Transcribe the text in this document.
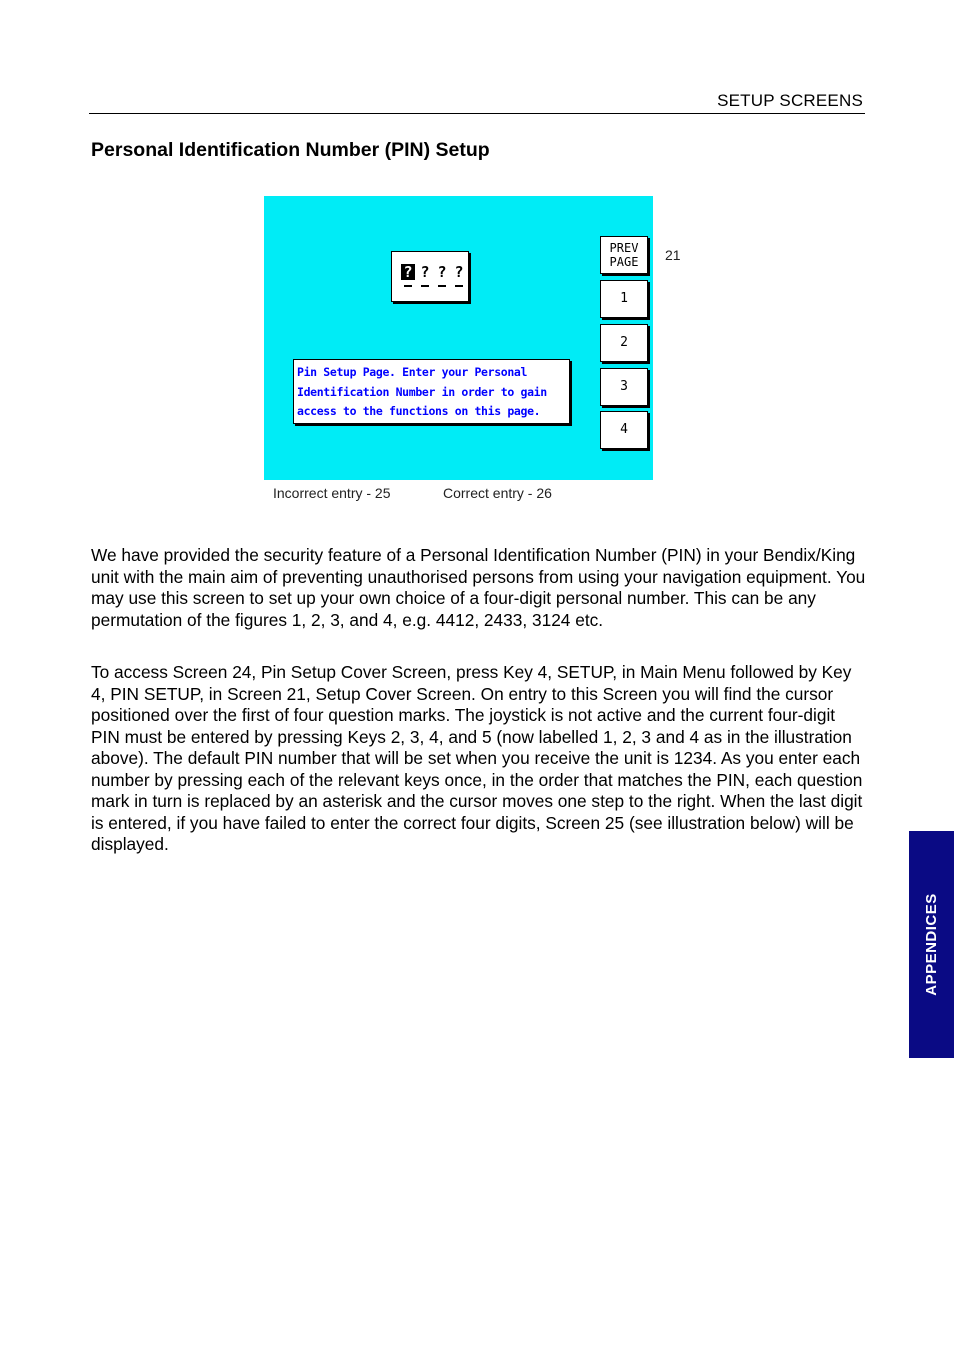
SETUP SCREENS
Personal Identification Number (PIN) Setup
? ? ? ?
Pin Setup Page. Enter your Personal
Identification Number in order to gain
access to the functions on this page.
PREV
PAGE
1
2
3
4
21
Incorrect entry - 25	Correct entry - 26

We have provided the security feature of a Personal Identification Number (PIN) in your Bendix/King unit with the main aim of preventing unauthorised persons from using your navigation equipment. You may use this screen to set up your own choice of a four-digit personal number. This can be any permutation of the figures 1, 2, 3, and 4, e.g. 4412, 2433, 3124 etc.

To access Screen 24, Pin Setup Cover Screen, press Key 4, SETUP, in Main Menu followed by Key 4, PIN SETUP, in Screen 21, Setup Cover Screen. On entry to this Screen you will find the cursor positioned over the first of four question marks. The joystick is not active and the current four-digit PIN must be entered by pressing Keys 2, 3, 4, and 5 (now labelled 1, 2, 3 and 4 as in the illustration above). The default PIN number that will be set when you receive the unit is 1234. As you enter each number by pressing each of the relevant keys once, in the order that matches the PIN, each question mark in turn is replaced by an asterisk and the cursor moves one step to the right. When the last digit is entered, if you have failed to enter the correct four digits, Screen 25 (see illustration below) will be displayed.

APPENDICES
